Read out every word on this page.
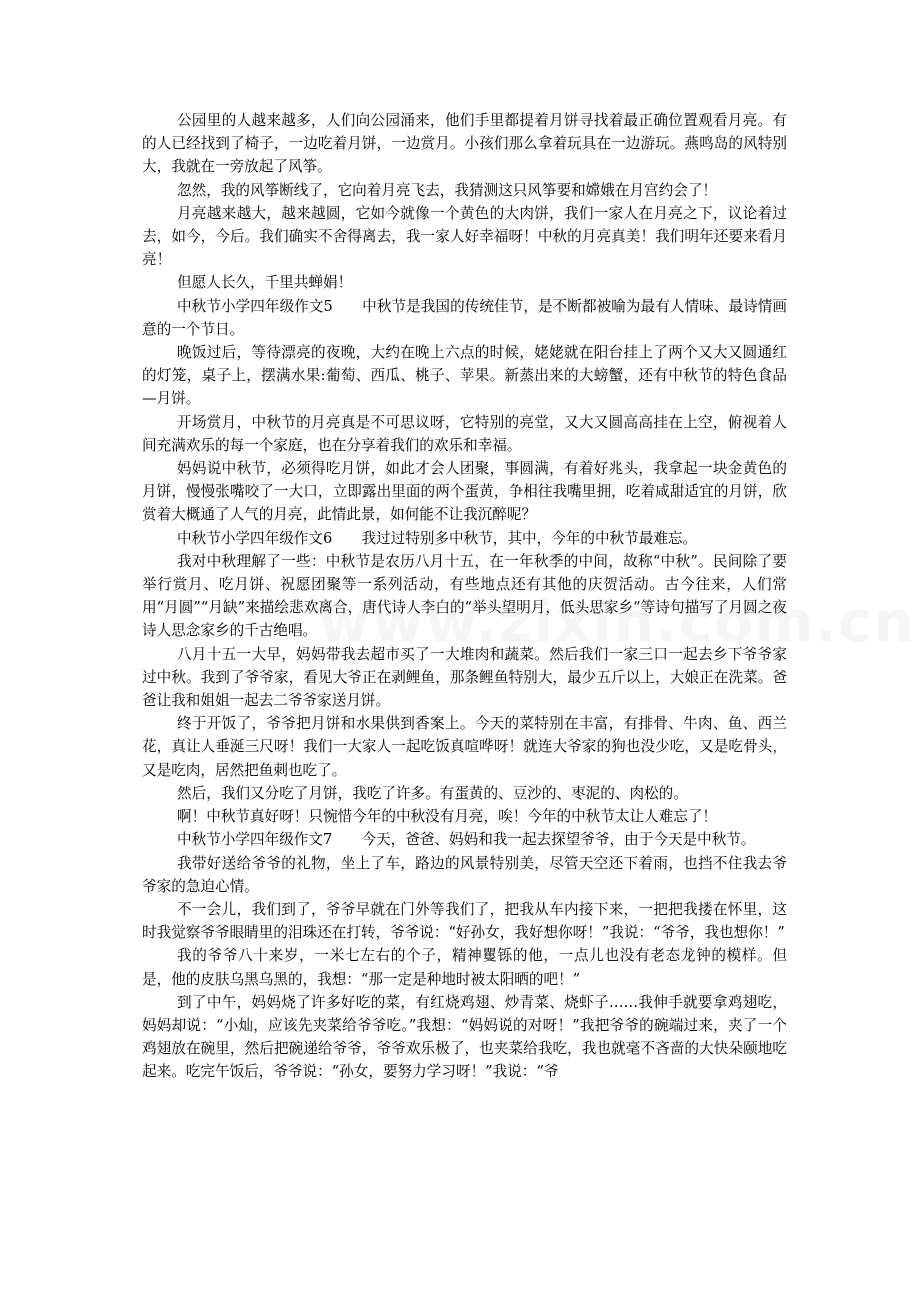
公园里的人越来越多，人们向公园涌来，他们手里都提着月饼寻找着最正确位置观看月亮。有的人已经找到了椅子，一边吃着月饼，一边赏月。小孩们那么拿着玩具在一边游玩。燕鸣岛的风特别大，我就在一旁放起了风筝。

忽然，我的风筝断线了，它向着月亮飞去，我猜测这只风筝要和嫦娥在月宫约会了！

月亮越来越大，越来越圆，它如今就像一个黄色的大肉饼，我们一家人在月亮之下，议论着过去，如今，今后。我们确实不舍得离去，我一家人好幸福呀！中秋的月亮真美！我们明年还要来看月亮！

但愿人长久，千里共蝉娟！

中秋节小学四年级作文5　　中秋节是我国的传统佳节，是不断都被喻为最有人情味、最诗情画意的一个节日。

晚饭过后，等待漂亮的夜晚，大约在晚上六点的时候，姥姥就在阳台挂上了两个又大又圆通红的灯笼，桌子上，摆满水果:葡萄、西瓜、桃子、苹果。新蒸出来的大螃蟹，还有中秋节的特色食品—月饼。

开场赏月，中秋节的月亮真是不可思议呀，它特别的亮堂，又大又圆高高挂在上空，俯视着人间充满欢乐的每一个家庭，也在分享着我们的欢乐和幸福。

妈妈说中秋节，必须得吃月饼，如此才会人团聚，事圆满，有着好兆头，我拿起一块金黄色的月饼，慢慢张嘴咬了一大口，立即露出里面的两个蛋黄，争相往我嘴里拥，吃着咸甜适宜的月饼，欣赏着大概通了人气的月亮，此情此景，如何能不让我沉醉呢？

中秋节小学四年级作文6　　我过过特别多中秋节，其中，今年的中秋节最难忘。

我对中秋理解了一些：中秋节是农历八月十五，在一年秋季的中间，故称“中秋”。民间除了要举行赏月、吃月饼、祝愿团聚等一系列活动，有些地点还有其他的庆贺活动。古今往来，人们常用“月圆”“月缺”来描绘悲欢离合，唐代诗人李白的“举头望明月，低头思家乡”等诗句描写了月圆之夜诗人思念家乡的千古绝唱。

八月十五一大早，妈妈带我去超市买了一大堆肉和蔬菜。然后我们一家三口一起去乡下爷爷家过中秋。我到了爷爷家，看见大爷正在剥鲤鱼，那条鲤鱼特别大，最少五斤以上，大娘正在洗菜。爸爸让我和姐姐一起去二爷爷家送月饼。

终于开饭了，爷爷把月饼和水果供到香案上。今天的菜特别在丰富，有排骨、牛肉、鱼、西兰花，真让人垂涎三尺呀！我们一大家人一起吃饭真喧哗呀！就连大爷家的狗也没少吃，又是吃骨头，又是吃肉，居然把鱼刺也吃了。

然后，我们又分吃了月饼，我吃了许多。有蛋黄的、豆沙的、枣泥的、肉松的。

啊！中秋节真好呀！只惋惜今年的中秋没有月亮，唉！今年的中秋节太让人难忘了！

中秋节小学四年级作文7　　今天，爸爸、妈妈和我一起去探望爷爷，由于今天是中秋节。

我带好送给爷爷的礼物，坐上了车，路边的风景特别美，尽管天空还下着雨，也挡不住我去爷爷家的急迫心情。

不一会儿，我们到了，爷爷早就在门外等我们了，把我从车内接下来，一把把我搂在怀里，这时我觉察爷爷眼睛里的泪珠还在打转，爷爷说：“好孙女，我好想你呀！”我说：“爷爷，我也想你！”

我的爷爷八十来岁，一米七左右的个子，精神矍铄的他，一点儿也没有老态龙钟的模样。但是，他的皮肤乌黑乌黑的，我想：“那一定是种地时被太阳晒的吧！”

到了中午，妈妈烧了许多好吃的菜，有红烧鸡翅、炒青菜、烧虾子……我伸手就要拿鸡翅吃，妈妈却说：“小灿，应该先夹菜给爷爷吃。”我想：“妈妈说的对呀！”我把爷爷的碗端过来，夹了一个鸡翅放在碗里，然后把碗递给爷爷，爷爷欢乐极了，也夹菜给我吃，我也就毫不吝啬的大快朵颐地吃起来。吃完午饭后，爷爷说：“孙女，要努力学习呀！”我说：“爷
